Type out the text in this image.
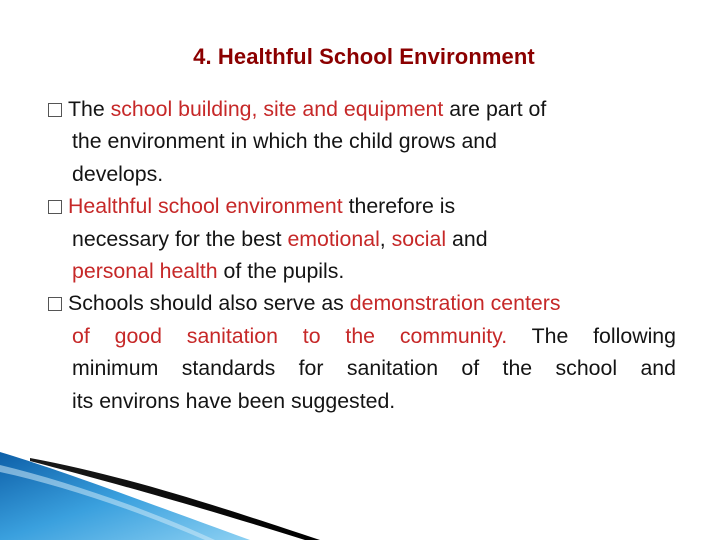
4. Healthful School Environment
The school building, site and equipment are part of
the environment in which the child grows and
develops.
Healthful school environment therefore is
necessary for the best emotional, social and
personal health of the pupils.
Schools should also serve as demonstration centers
of good sanitation to the community. The following
minimum standards for sanitation of the school and
its environs have been suggested.
